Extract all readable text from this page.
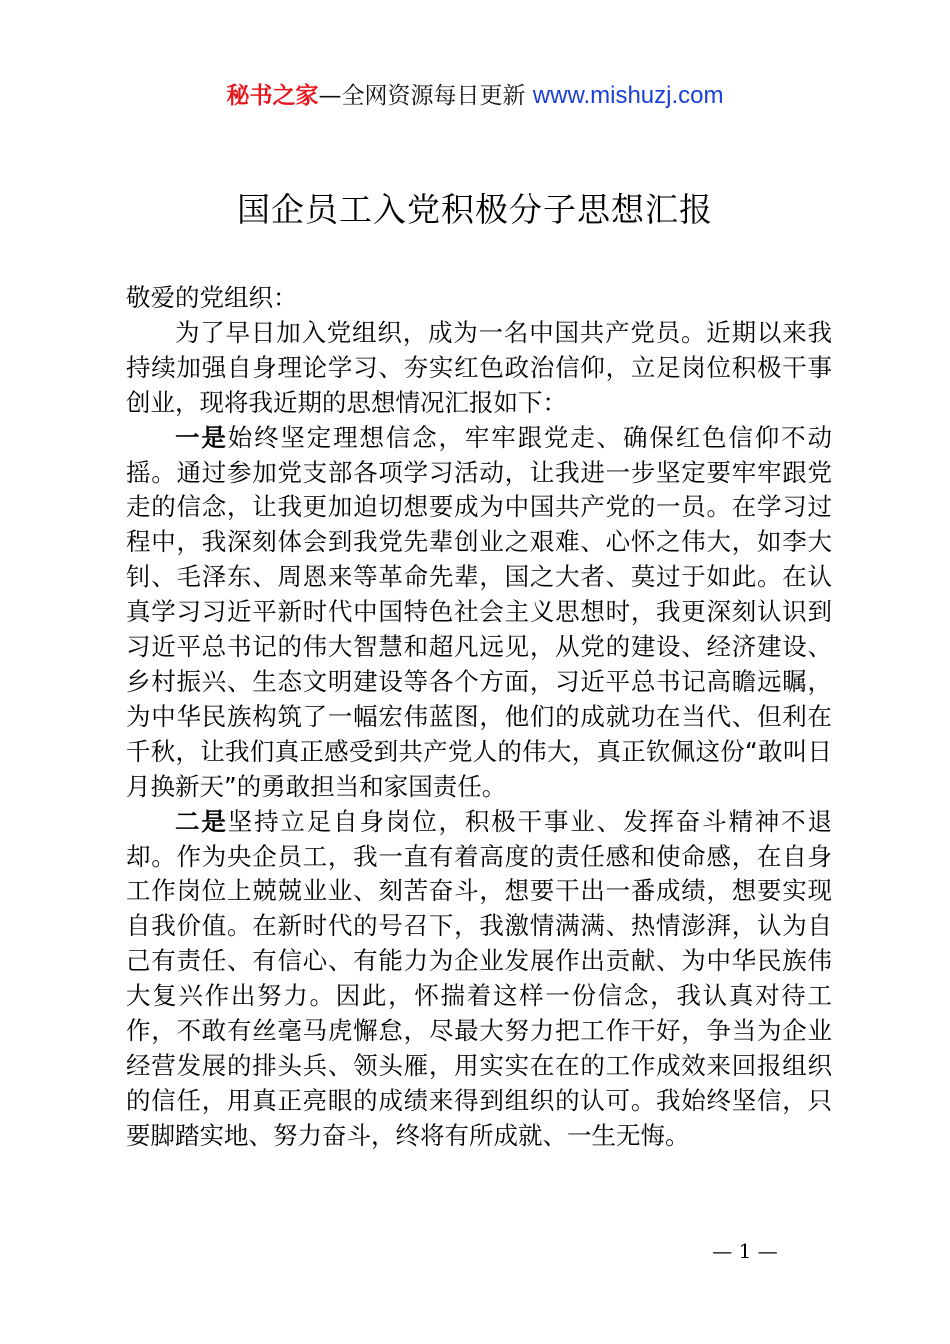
秘书之家—全网资源每日更新 www.mishuzj.com
国企员工入党积极分子思想汇报

敬爱的党组织：

为了早日加入党组织，成为一名中国共产党员。近期以来我持续加强自身理论学习、夯实红色政治信仰，立足岗位积极干事创业，现将我近期的思想情况汇报如下：

一是始终坚定理想信念，牢牢跟党走、确保红色信仰不动摇。通过参加党支部各项学习活动，让我进一步坚定要牢牢跟党走的信念，让我更加迫切想要成为中国共产党的一员。在学习过程中，我深刻体会到我党先辈创业之艰难、心怀之伟大，如李大钊、毛泽东、周恩来等革命先辈，国之大者、莫过于如此。在认真学习习近平新时代中国特色社会主义思想时，我更深刻认识到习近平总书记的伟大智慧和超凡远见，从党的建设、经济建设、乡村振兴、生态文明建设等各个方面，习近平总书记高瞻远瞩，为中华民族构筑了一幅宏伟蓝图，他们的成就功在当代、但利在千秋，让我们真正感受到共产党人的伟大，真正钦佩这份“敢叫日月换新天”的勇敢担当和家国责任。

二是坚持立足自身岗位，积极干事业、发挥奋斗精神不退却。作为央企员工，我一直有着高度的责任感和使命感，在自身工作岗位上兢兢业业、刻苦奋斗，想要干出一番成绩，想要实现自我价值。在新时代的号召下，我激情满满、热情澎湃，认为自己有责任、有信心、有能力为企业发展作出贡献、为中华民族伟大复兴作出努力。因此，怀揣着这样一份信念，我认真对待工作，不敢有丝毫马虎懈怠，尽最大努力把工作干好，争当为企业经营发展的排头兵、领头雁，用实实在在的工作成效来回报组织的信任，用真正亮眼的成绩来得到组织的认可。我始终坚信，只要脚踏实地、努力奋斗，终将有所成就、一生无悔。

— 1 —
